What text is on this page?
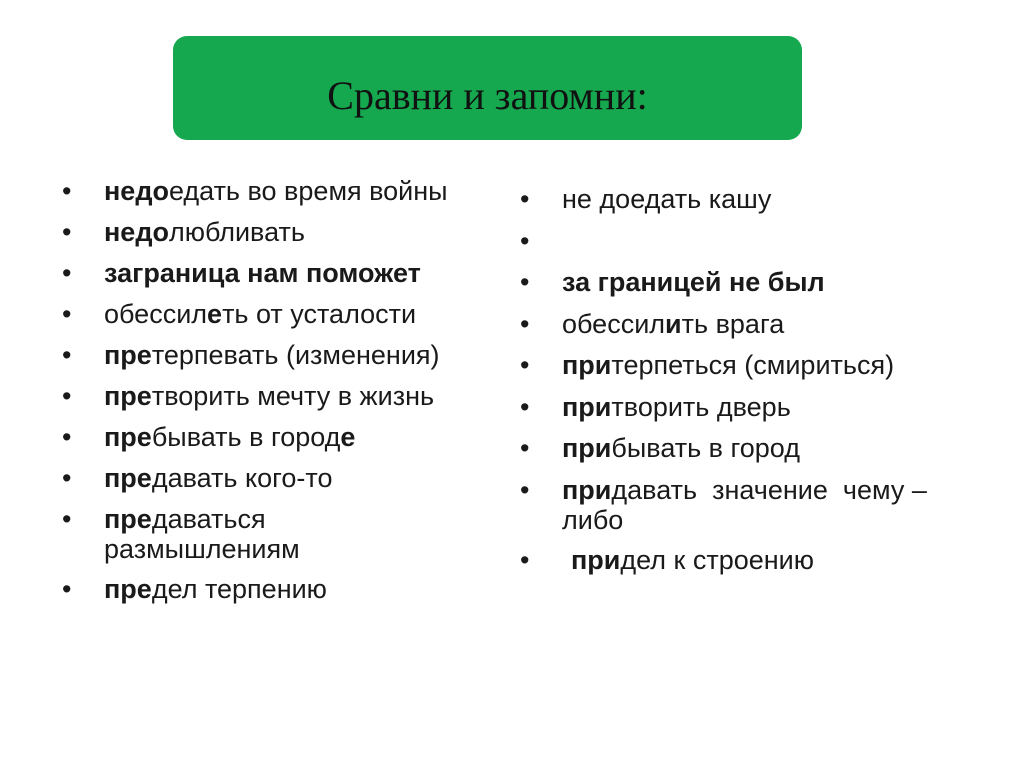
Сравни и запомни:
• недоедать во время войны
• недолюбливать
• заграница нам поможет
• обессилеть от усталости
• претерпевать (изменения)
• претворить мечту в жизнь
• пребывать в городе
• предавать кого-то
• предаваться размышлениям
• предел терпению
• не доедать кашу
•
• за границей не был
• обессилить врага
• притерпеться (смириться)
• притворить дверь
• прибывать в город
• придавать  значение  чему – либо
• придел к строению
